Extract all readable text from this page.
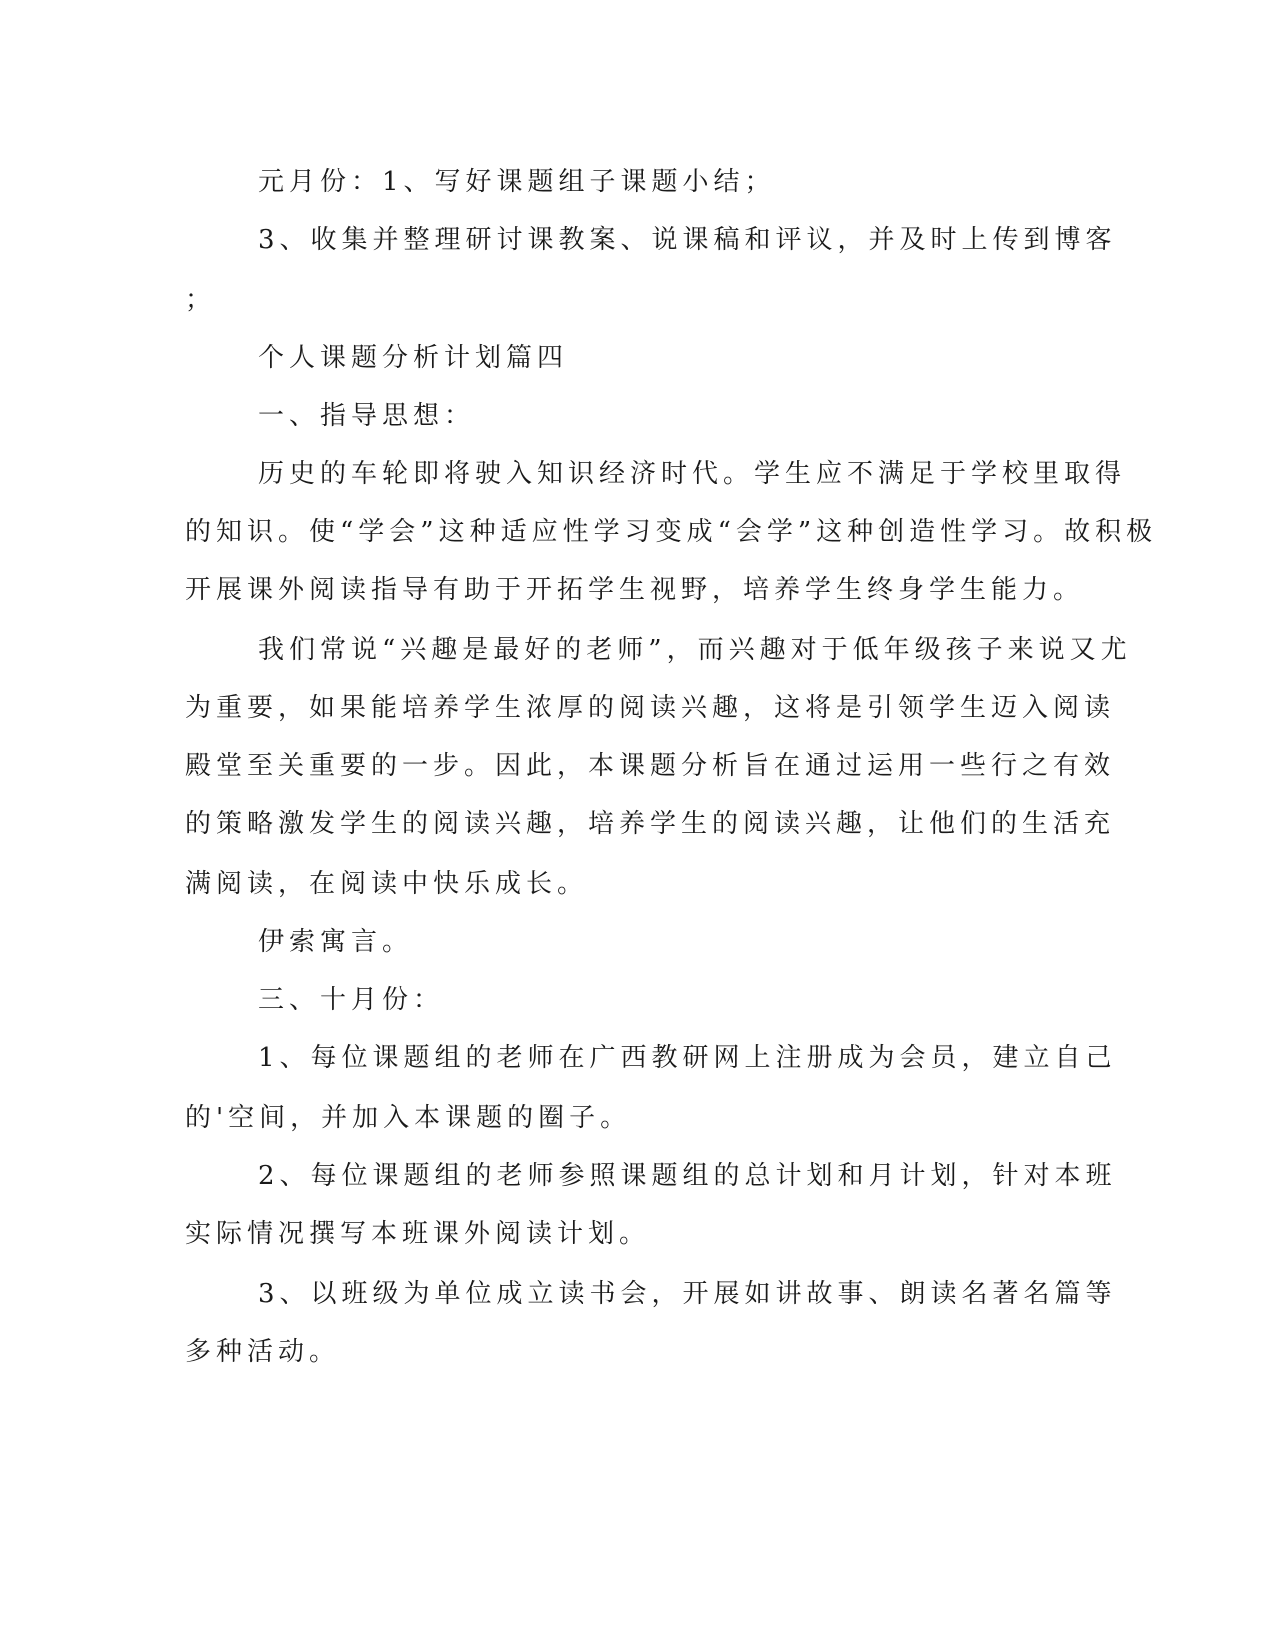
元月份：1、写好课题组子课题小结；
3、收集并整理研讨课教案、说课稿和评议，并及时上传到博客
；
个人课题分析计划篇四
一、指导思想：
历史的车轮即将驶入知识经济时代。学生应不满足于学校里取得
的知识。使“学会”这种适应性学习变成“会学”这种创造性学习。故积极
开展课外阅读指导有助于开拓学生视野，培养学生终身学生能力。
我们常说“兴趣是最好的老师”，而兴趣对于低年级孩子来说又尤
为重要，如果能培养学生浓厚的阅读兴趣，这将是引领学生迈入阅读
殿堂至关重要的一步。因此，本课题分析旨在通过运用一些行之有效
的策略激发学生的阅读兴趣，培养学生的阅读兴趣，让他们的生活充
满阅读，在阅读中快乐成长。
伊索寓言。
三、十月份：
1、每位课题组的老师在广西教研网上注册成为会员，建立自己
的'空间，并加入本课题的圈子。
2、每位课题组的老师参照课题组的总计划和月计划，针对本班
实际情况撰写本班课外阅读计划。
3、以班级为单位成立读书会，开展如讲故事、朗读名著名篇等
多种活动。
